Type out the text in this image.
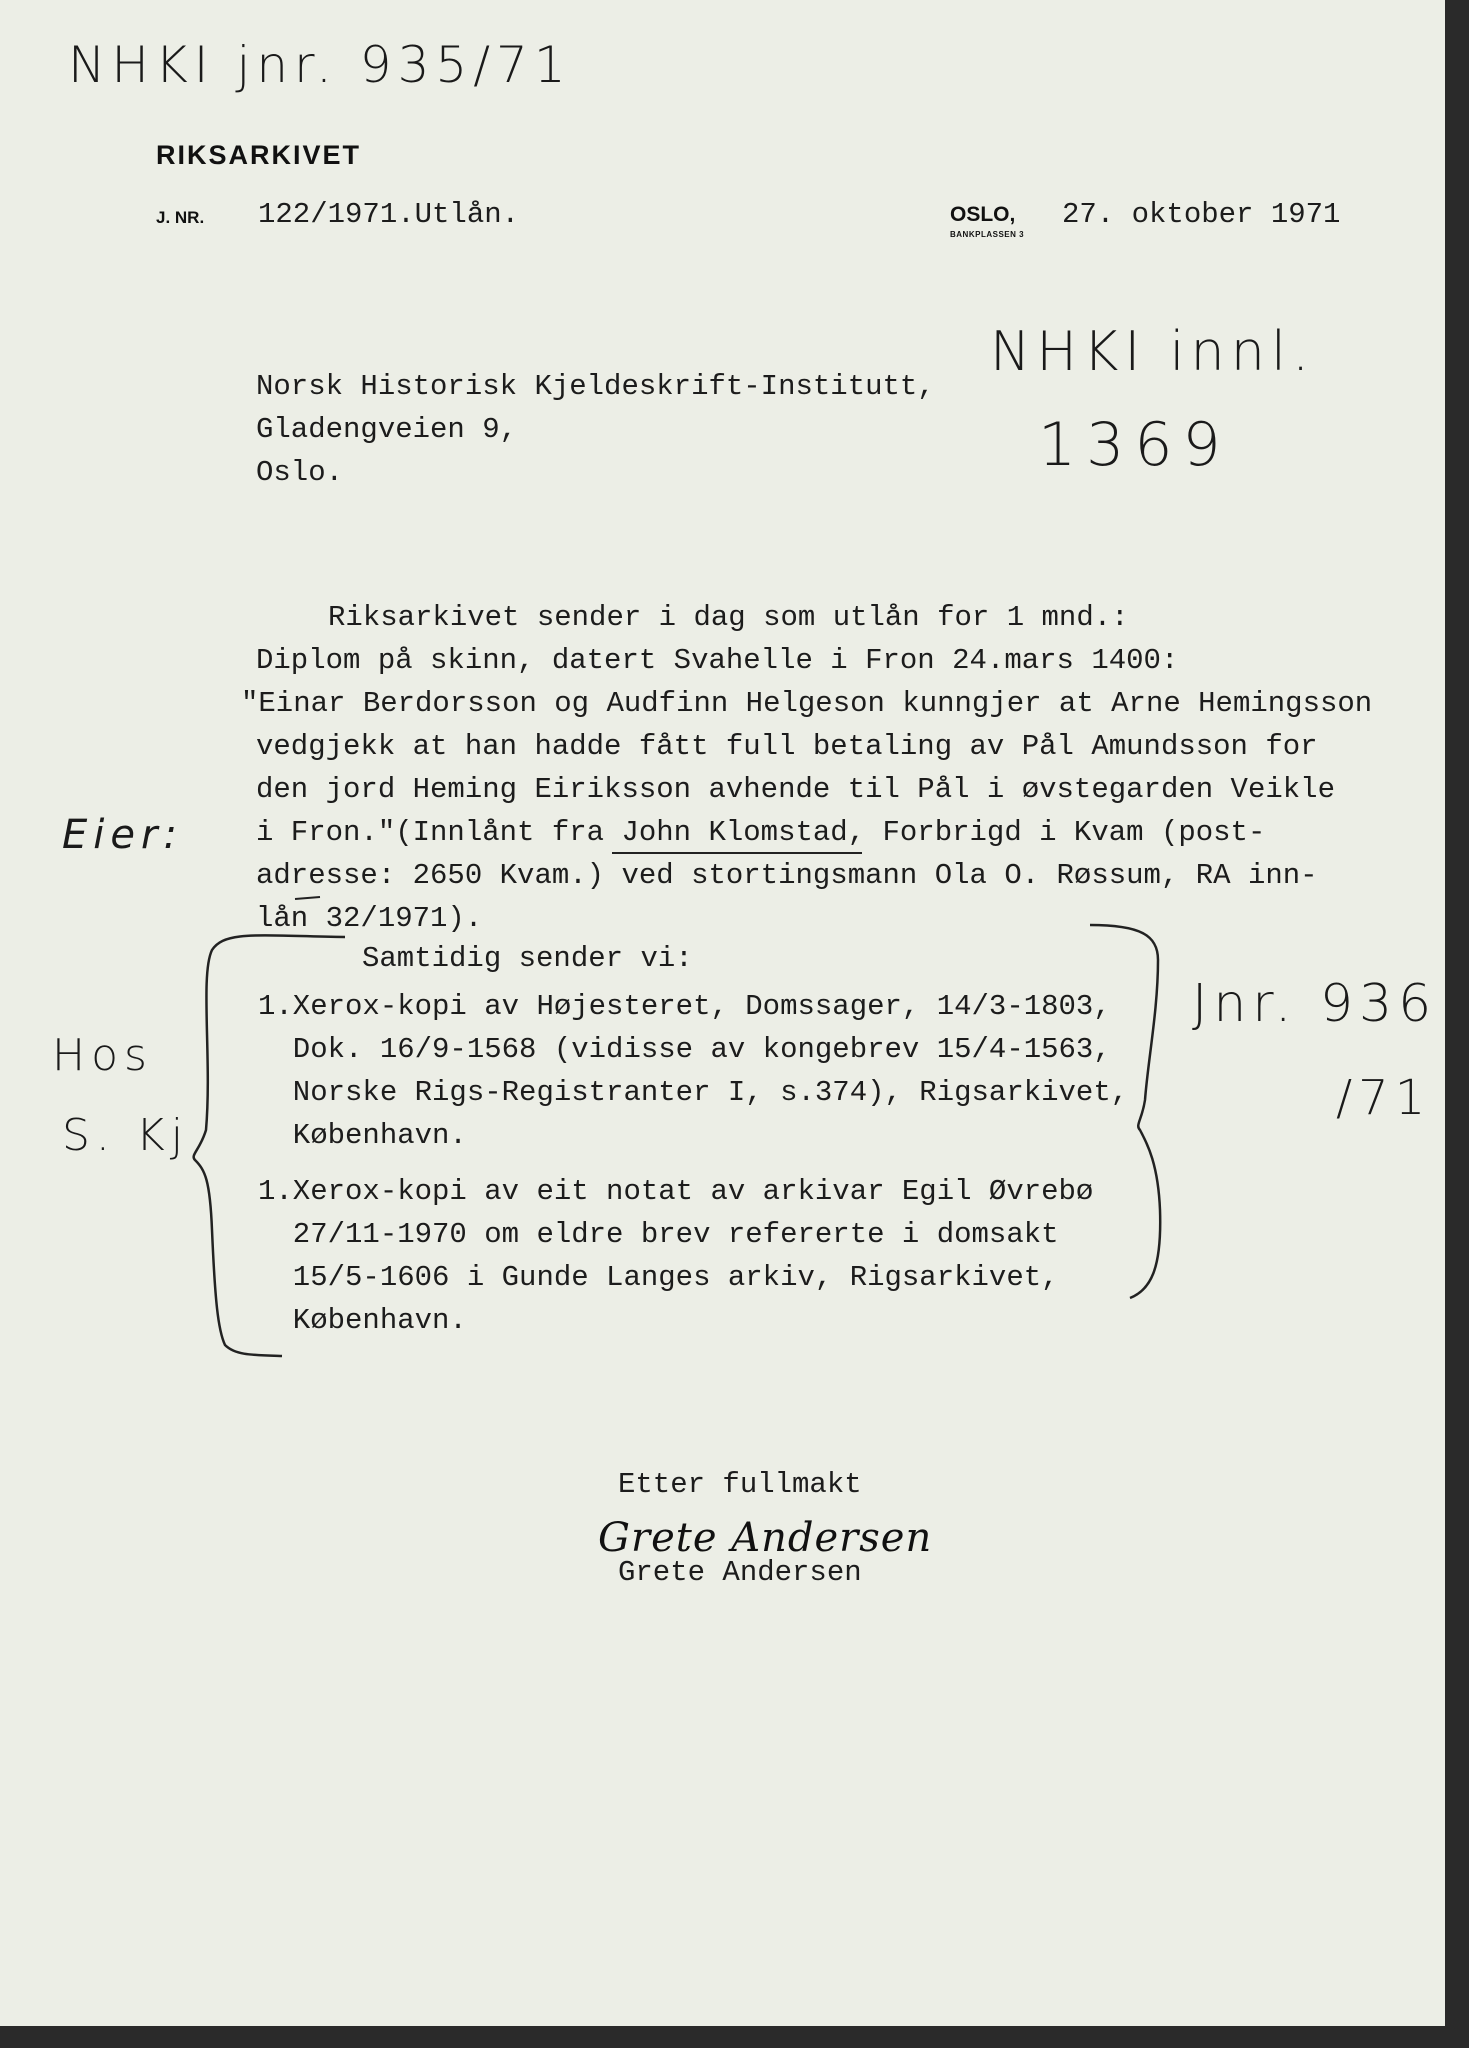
NHKI jnr. 935/71
RIKSARKIVET
J. NR. 122/1971.Utlån.	OSLO,
BANKPLASSEN 3
27. oktober 1971
Norsk Historisk Kjeldeskrift-Institutt,
Gladengveien 9,
Oslo.
NHKI innl.
1369
Riksarkivet sender i dag som utlån for 1 mnd.:
Diplom på skinn, datert Svahelle i Fron 24.mars 1400:
"Einar Berdorsson og Audfinn Helgeson kunngjer at Arne Hemingsson
vedgjekk at han hadde fått full betaling av Pål Amundsson for
den jord Heming Eiriksson avhende til Pål i øvstegarden Veikle
i Fron."(Innlånt fra John Klomstad, Forbrigd i Kvam (post-
adresse: 2650 Kvam.) ved stortingsmann Ola O. Røssum, RA inn-
lån 32/1971).
Samtidig sender vi:
1.Xerox-kopi av Højesteret, Domssager, 14/3-1803,
Dok. 16/9-1568 (vidisse av kongebrev 15/4-1563,
Norske Rigs-Registranter I, s.374), Rigsarkivet,
København.
1.Xerox-kopi av eit notat av arkivar Egil Øvrebø
27/11-1970 om eldre brev refererte i domsakt
15/5-1606 i Gunde Langes arkiv, Rigsarkivet,
København.
Eier:
Hos
S. Kj
Jnr. 936
/71
Etter fullmakt
Grete Andersen
Grete Andersen
